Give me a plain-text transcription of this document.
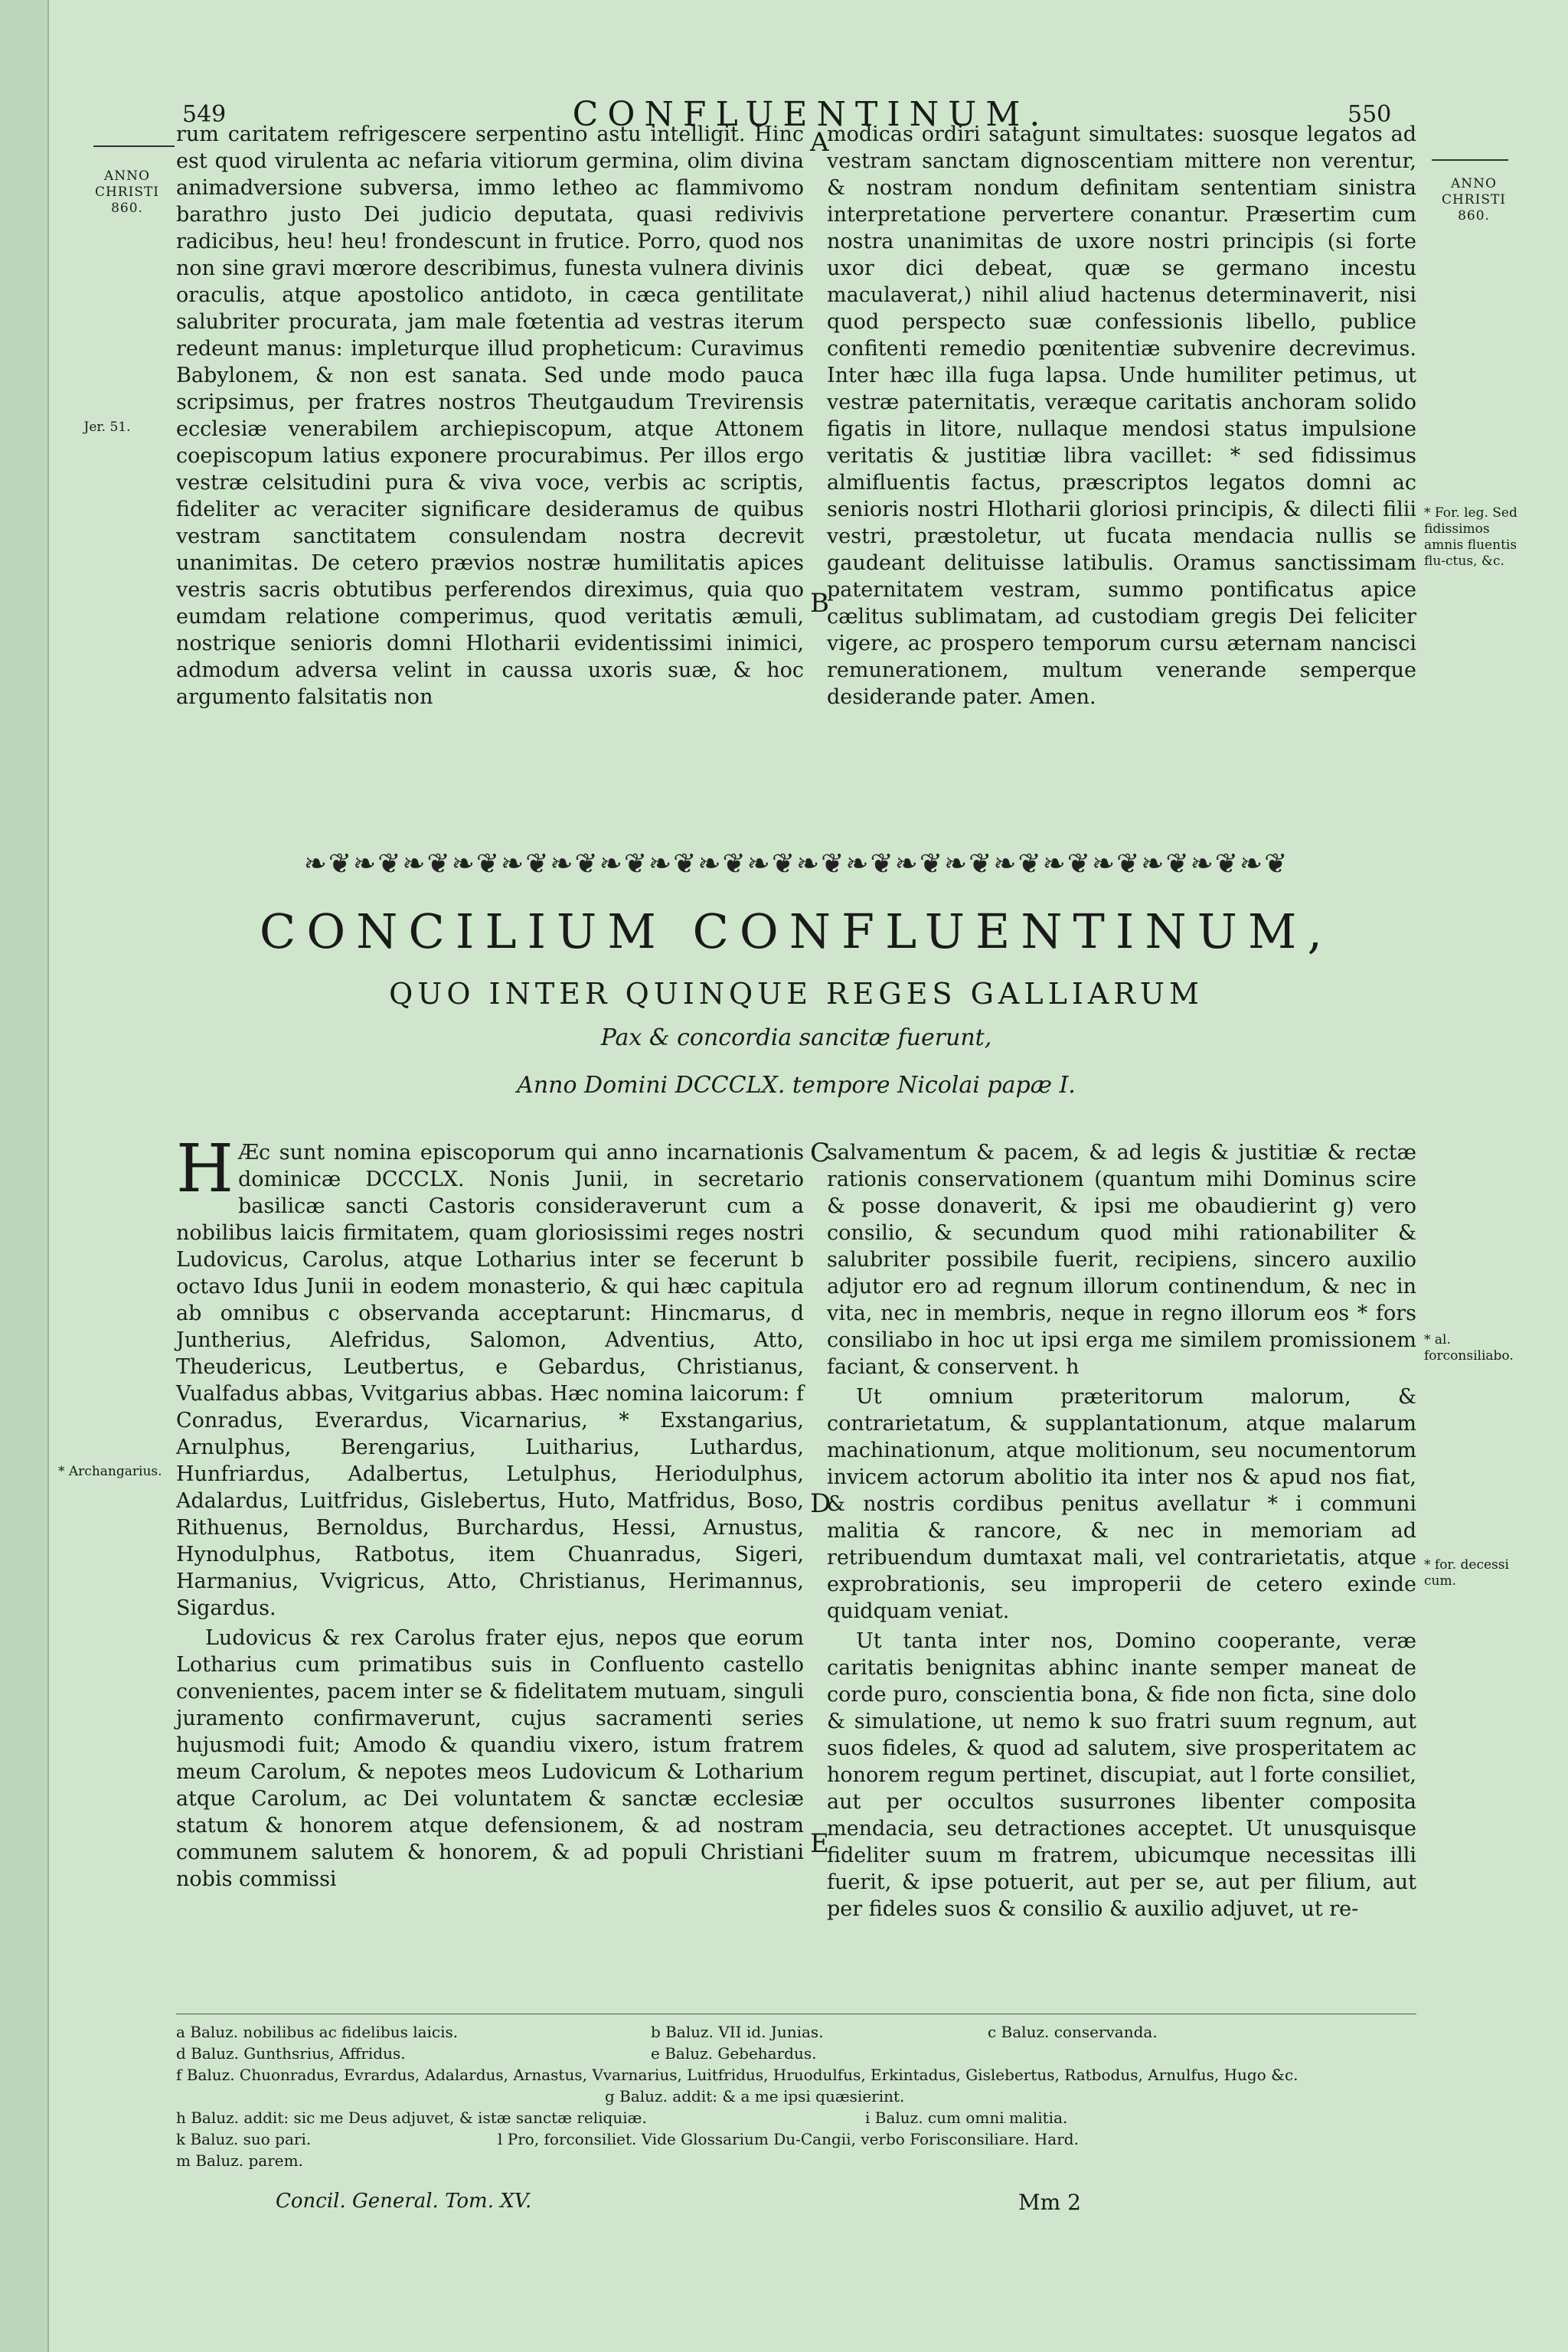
549	CONFLUENTINUM.	550
ANNO CHRISTI 860.
ANNO CHRISTI 860.
Jer. 51.
* For. leg. Sed fidissimos amnis fluentis flu-ctus, &c.
A
B

rum caritatem refrigescere serpentino astu intelligit. Hinc est quod virulenta ac nefaria vitiorum germina, olim divina animadversione subversa, immo letheo ac flammivomo barathro justo Dei judicio deputata, quasi redivivis radicibus, heu! heu! frondescunt in frutice. Porro, quod nos non sine gravi mœrore describimus, funesta vulnera divinis oraculis, atque apostolico antidoto, in cæca gentilitate salubriter procurata, jam male fœtentia ad vestras iterum redeunt manus: impleturque illud propheticum: Curavimus Babylonem, & non est sanata. Sed unde modo pauca scripsimus, per fratres nostros Theutgaudum Trevirensis ecclesiæ venerabilem archiepiscopum, atque Attonem coepiscopum latius exponere procurabimus. Per illos ergo vestræ celsitudini pura & viva voce, verbis ac scriptis, fideliter ac veraciter significare desideramus de quibus vestram sanctitatem consulendam nostra decrevit unanimitas. De cetero prævios nostræ humilitatis apices vestris sacris obtutibus perferendos direximus, quia quo eumdam relatione comperimus, quod veritatis æmuli, nostrique senioris domni Hlotharii evidentissimi inimici, admodum adversa velint in caussa uxoris suæ, & hoc argumento falsitatis non

modicas ordiri satagunt simultates: suosque legatos ad vestram sanctam dignoscentiam mittere non verentur, & nostram nondum definitam sententiam sinistra interpretatione pervertere conantur. Præsertim cum nostra unanimitas de uxore nostri principis (si forte uxor dici debeat, quæ se germano incestu maculaverat,) nihil aliud hactenus determinaverit, nisi quod perspecto suæ confessionis libello, publice confitenti remedio pœnitentiæ subvenire decrevimus. Inter hæc illa fuga lapsa. Unde humiliter petimus, ut vestræ paternitatis, veræque caritatis anchoram solido figatis in litore, nullaque mendosi status impulsione veritatis & justitiæ libra vacillet: * sed fidissimus almifluentis factus, præscriptos legatos domni ac senioris nostri Hlotharii gloriosi principis, & dilecti filii vestri, præstoletur, ut fucata mendacia nullis se gaudeant delituisse latibulis. Oramus sanctissimam paternitatem vestram, summo pontificatus apice cælitus sublimatam, ad custodiam gregis Dei feliciter vigere, ac prospero temporum cursu æternam nancisci remunerationem, multum venerande semperque desiderande pater. Amen.

❧❦❧❦❧❦❧❦❧❦❧❦❧❦❧❦❧❦❧❦❧❦❧❦❧❦❧❦❧❦❧❦❧❦❧❦❧❦❧❦
CONCILIUM CONFLUENTINUM,
QUO INTER QUINQUE REGES GALLIARUM
Pax & concordia sancitæ fuerunt,
Anno Domini DCCCLX. tempore Nicolai papæ I.
C
D
E
* Archangarius.
* al. forconsiliabo.
* for. decessi cum.

H Æc sunt nomina episcoporum qui anno incarnationis dominicæ DCCCLX. Nonis Junii, in secretario basilicæ sancti Castoris consideraverunt cum a nobilibus laicis firmitatem, quam gloriosissimi reges nostri Ludovicus, Carolus, atque Lotharius inter se fecerunt b octavo Idus Junii in eodem monasterio, & qui hæc capitula ab omnibus c observanda acceptarunt: Hincmarus, d Juntherius, Alefridus, Salomon, Adventius, Atto, Theudericus, Leutbertus, e Gebardus, Christianus, Vualfadus abbas, Vvitgarius abbas. Hæc nomina laicorum: f Conradus, Everardus, Vicarnarius, * Exstangarius, Arnulphus, Berengarius, Luitharius, Luthardus, Hunfriardus, Adalbertus, Letulphus, Heriodulphus, Adalardus, Luitfridus, Gislebertus, Huto, Matfridus, Boso, Rithuenus, Bernoldus, Burchardus, Hessi, Arnustus, Hynodulphus, Ratbotus, item Chuanradus, Sigeri, Harmanius, Vvigricus, Atto, Christianus, Herimannus, Sigardus.

Ludovicus & rex Carolus frater ejus, nepos que eorum Lotharius cum primatibus suis in Confluento castello convenientes, pacem inter se & fidelitatem mutuam, singuli juramento confirmaverunt, cujus sacramenti series hujusmodi fuit; Amodo & quandiu vixero, istum fratrem meum Carolum, & nepotes meos Ludovicum & Lotharium atque Carolum, ac Dei voluntatem & sanctæ ecclesiæ statum & honorem atque defensionem, & ad nostram communem salutem & honorem, & ad populi Christiani nobis commissi

salvamentum & pacem, & ad legis & justitiæ & rectæ rationis conservationem (quantum mihi Dominus scire & posse donaverit, & ipsi me obaudierint g) vero consilio, & secundum quod mihi rationabiliter & salubriter possibile fuerit, recipiens, sincero auxilio adjutor ero ad regnum illorum continendum, & nec in vita, nec in membris, neque in regno illorum eos * fors consiliabo in hoc ut ipsi erga me similem promissionem faciant, & conservent. h

Ut omnium præteritorum malorum, & contrarietatum, & supplantationum, atque malarum machinationum, atque molitionum, seu nocumentorum invicem actorum abolitio ita inter nos & apud nos fiat, & nostris cordibus penitus avellatur * i communi malitia & rancore, & nec in memoriam ad retribuendum dumtaxat mali, vel contrarietatis, atque exprobrationis, seu improperii de cetero exinde quidquam veniat.

Ut tanta inter nos, Domino cooperante, veræ caritatis benignitas abhinc inante semper maneat de corde puro, conscientia bona, & fide non ficta, sine dolo & simulatione, ut nemo k suo fratri suum regnum, aut suos fideles, & quod ad salutem, sive prosperitatem ac honorem regum pertinet, discupiat, aut l forte consiliet, aut per occultos susurrones libenter composita mendacia, seu detractiones acceptet. Ut unusquisque fideliter suum m fratrem, ubicumque necessitas illi fuerit, & ipse potuerit, aut per se, aut per filium, aut per fideles suos & consilio & auxilio adjuvet, ut re-

a Baluz. nobilibus ac fidelibus laicis.	b Baluz. VII id. Junias.	c Baluz. conservanda.
d Baluz. Gunthsrius, Affridus.	e Baluz. Gebehardus.
f Baluz. Chuonradus, Evrardus, Adalardus, Arnastus, Vvarnarius, Luitfridus, Hruodulfus, Erkintadus, Gislebertus, Ratbodus, Arnulfus, Hugo &c.
g Baluz. addit: & a me ipsi quæsierint.
h Baluz. addit: sic me Deus adjuvet, & istæ sanctæ reliquiæ.	i Baluz. cum omni malitia.
k Baluz. suo pari.	l Pro, forconsiliet. Vide Glossarium Du-Cangii, verbo Forisconsiliare. Hard.
m Baluz. parem.
Concil. General. Tom. XV.	Mm 2
